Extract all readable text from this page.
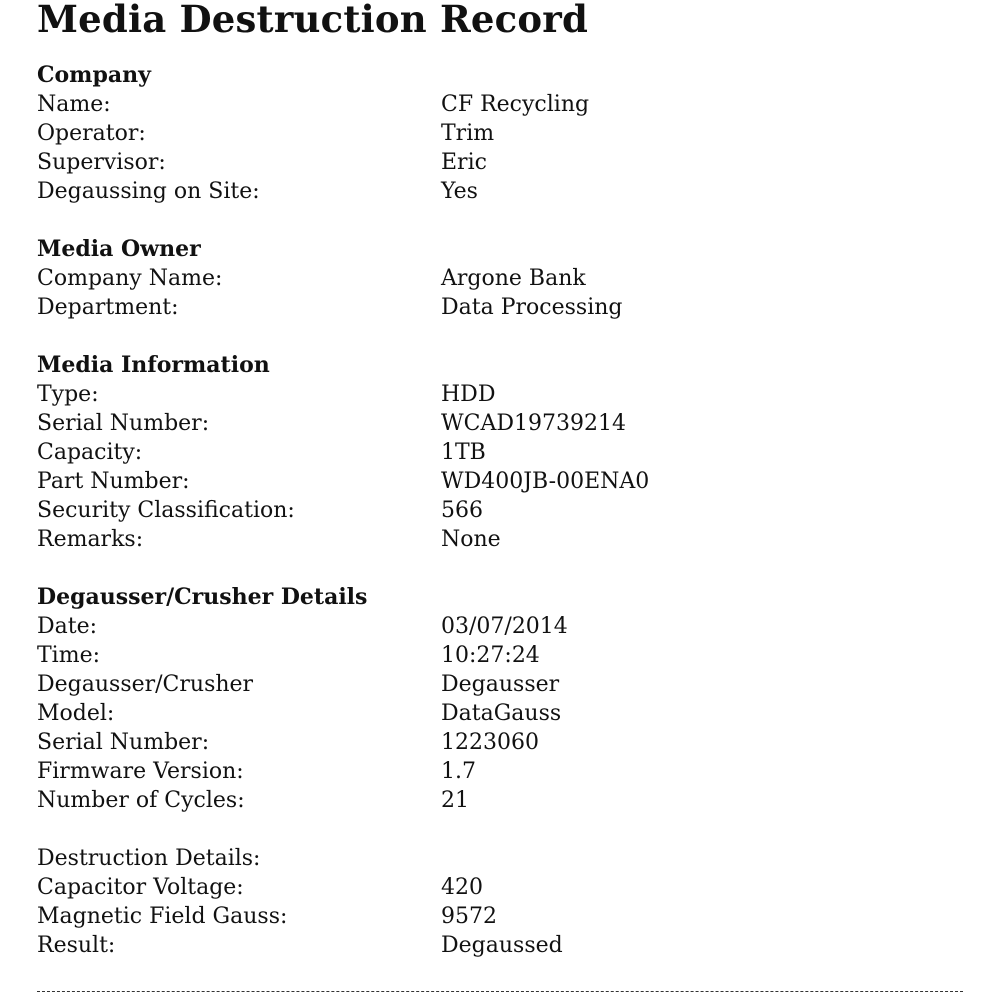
Media Destruction Record
Company
Name:	CF Recycling
Operator:	Trim
Supervisor:	Eric
Degaussing on Site:	Yes
Media Owner
Company Name:	Argone Bank
Department:	Data Processing
Media Information
Type:	HDD
Serial Number:	WCAD19739214
Capacity:	1TB
Part Number:	WD400JB-00ENA0
Security Classification:	566
Remarks:	None
Degausser/Crusher Details
Date:	03/07/2014
Time:	10:27:24
Degausser/Crusher	Degausser
Model:	DataGauss
Serial Number:	1223060
Firmware Version:	1.7
Number of Cycles:	21
Destruction Details:
Capacitor Voltage:	420
Magnetic Field Gauss:	9572
Result:	Degaussed
